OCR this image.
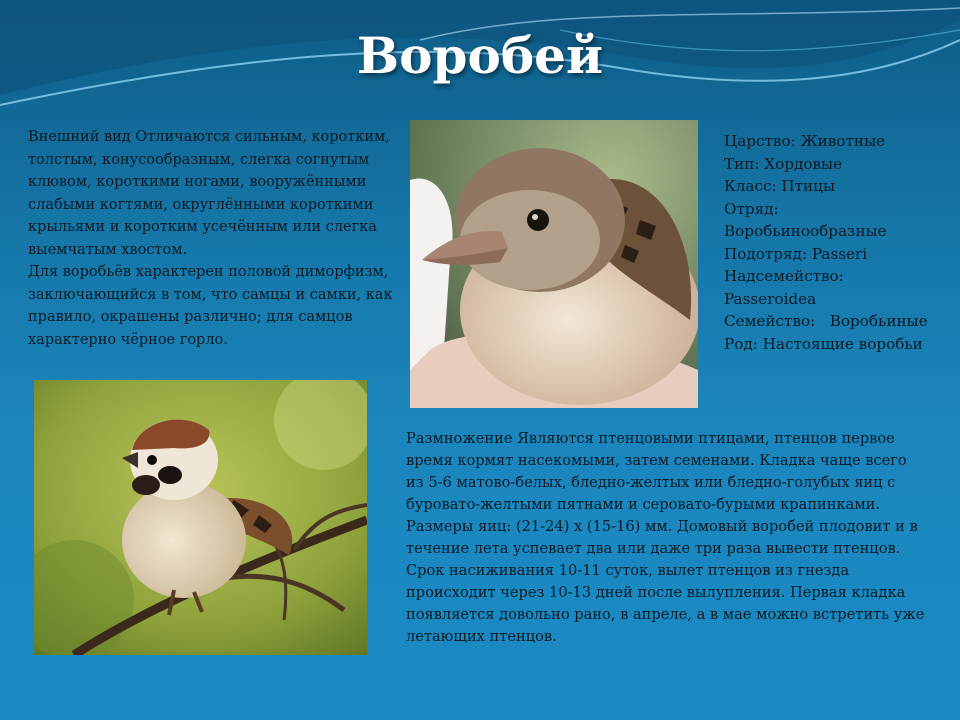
Воробей

Внешний вид Отличаются сильным, коротким, толстым, конусообразным, слегка согнутым клювом, короткими ногами, вооружёнными слабыми когтями, округлёнными короткими крыльями и коротким усечённым или слегка выемчатым хвостом.

Для воробьёв характерен половой диморфизм, заключающийся в том, что самцы и самки, как правило, окрашены различно; для самцов характерно чёрное горло.

Царство: Животные
Тип: Хордовые
Класс: Птицы
Отряд:
Воробьинообразные
Подотряд: Passeri
Надсемейство:
Passeroidea
Семейство:   Воробьиные
Род: Настоящие воробьи

Размножение Являются птенцовыми птицами, птенцов первое время кормят насекомыми, затем семенами. Кладка чаще всего из 5-6 матово-белых, бледно-желтых или бледно-голубых яиц с буровато-желтыми пятнами и серовато-бурыми крапинками. Размеры яиц: (21-24) х (15-16) мм. Домовый воробей плодовит и в течение лета успевает два или даже три раза вывести птенцов. Срок насиживания 10-11 суток, вылет птенцов из гнезда происходит через 10-13 дней после вылупления. Первая кладка появляется довольно рано, в апреле, а в мае можно встретить уже летающих птенцов.
